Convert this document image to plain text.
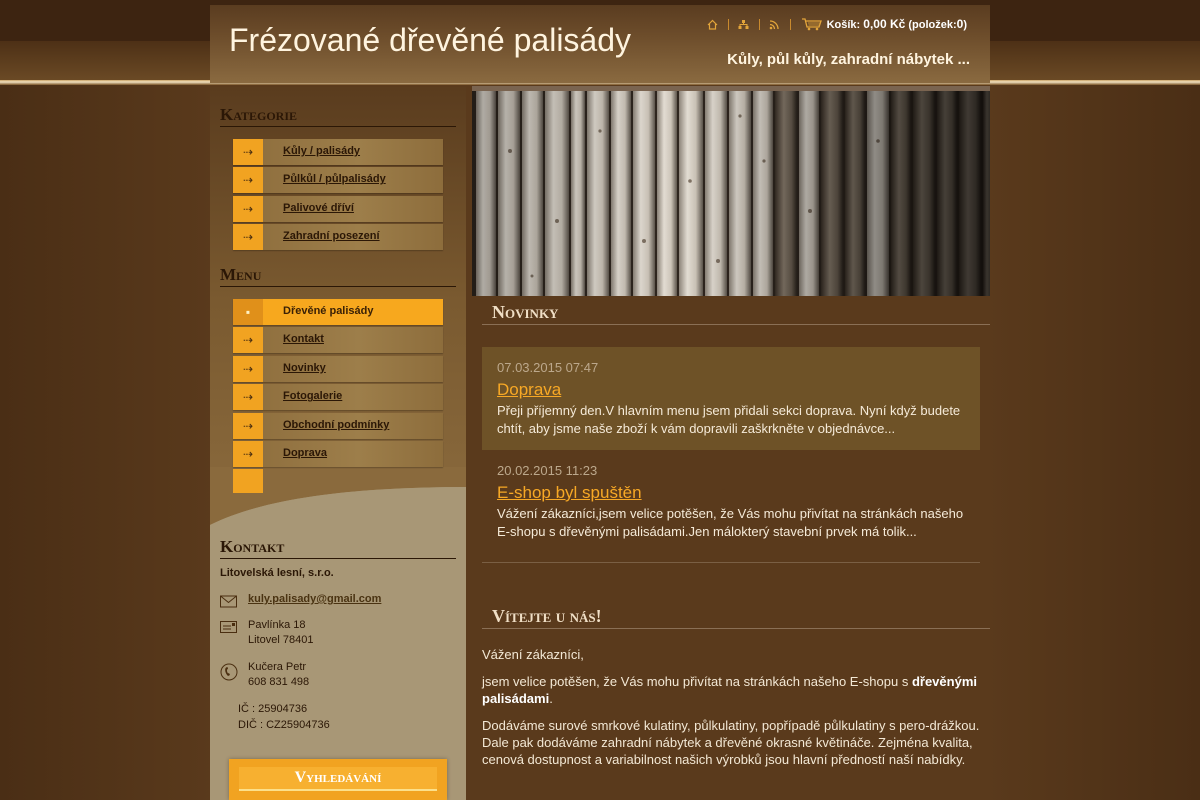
Frézované dřevěné palisády
Kůly, půl kůly, zahradní nábytek ...
Košík: 0,00 Kč (položek:0)
Kategorie
⇢	Kůly / palisády
⇢	Půlkůl / půlpalisády
⇢	Palivové dříví
⇢	Zahradní posezení
Menu
▪	Dřevěné palisády
⇢	Kontakt
⇢	Novinky
⇢	Fotogalerie
⇢	Obchodní podmínky
⇢	Doprava
Kontakt
Litovelská lesní, s.r.o.
kuly.palisady@gmail.com
Pavlínka 18
Litovel 78401
Kučera Petr
608 831 498
IČ : 25904736
DIČ : CZ25904736
Vyhledávání
Novinky
07.03.2015 07:47
Doprava
Přeji příjemný den.V hlavním menu jsem přidali sekci doprava. Nyní když budete chtít, aby jsme naše zboží k vám dopravili zaškrkněte v objednávce...
20.02.2015 11:23
E-shop byl spuštěn
Vážení zákazníci,jsem velice potěšen, že Vás mohu přivítat na stránkách našeho E-shopu s dřevěnými palisádami.Jen málokterý stavební prvek má tolik...
Vítejte u nás!

Vážení zákazníci,

jsem velice potěšen, že Vás mohu přivítat na stránkách našeho E-shopu s dřevěnými palisádami.

Dodáváme surové smrkové kulatiny, půlkulatiny, popřípadě půlkulatiny s pero-drážkou. Dale pak dodáváme zahradní nábytek a dřevěné okrasné květináče. Zejména kvalita, cenová dostupnost a variabilnost našich výrobků jsou hlavní předností naší nabídky.
